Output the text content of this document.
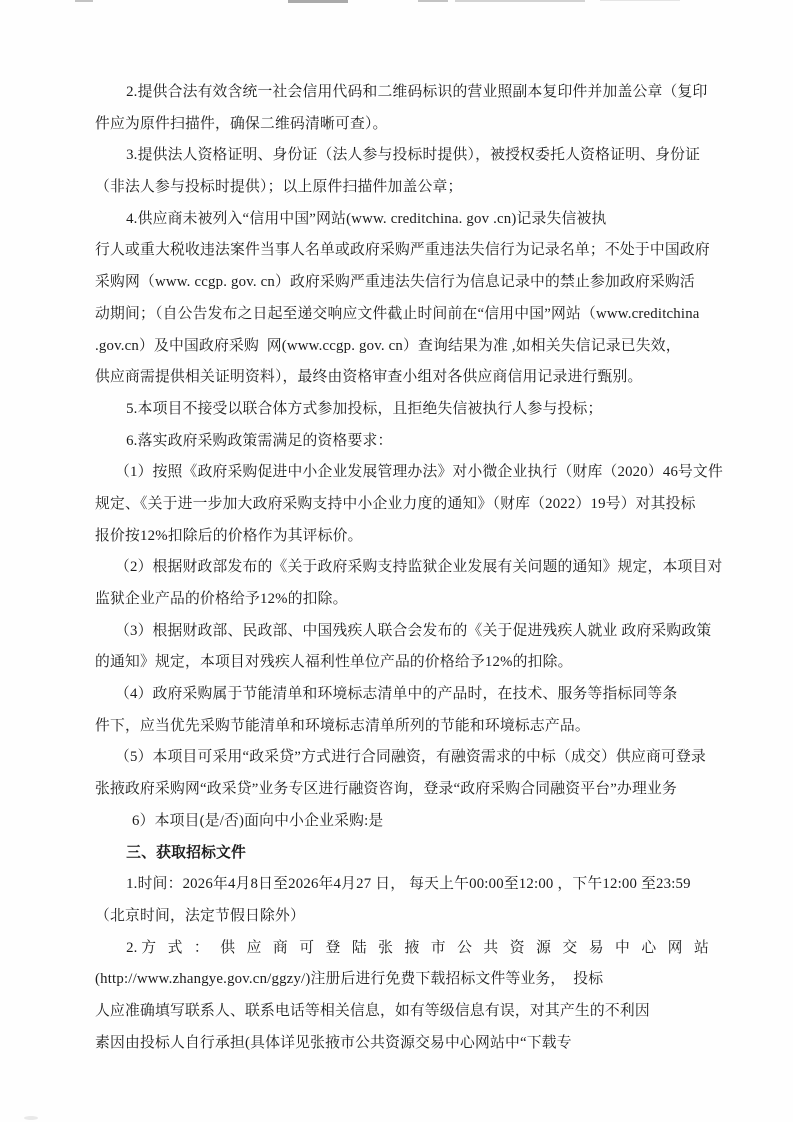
2.提供合法有效含统一社会信用代码和二维码标识的营业照副本复印件并加盖公章（复印
件应为原件扫描件，确保二维码清晰可查）。
3.提供法人资格证明、身份证（法人参与投标时提供），被授权委托人资格证明、身份证
（非法人参与投标时提供）；以上原件扫描件加盖公章；
4.供应商未被列入“信用中国”网站(www. creditchina. gov .cn)记录失信被执
行人或重大税收违法案件当事人名单或政府采购严重违法失信行为记录名单；不处于中国政府
采购网（www. ccgp. gov. cn）政府采购严重违法失信行为信息记录中的禁止参加政府采购活
动期间；（自公告发布之日起至递交响应文件截止时间前在“信用中国”网站（www.creditchina
.gov.cn）及中国政府采购  网(www.ccgp. gov. cn）查询结果为准 ,如相关失信记录已失效，
供应商需提供相关证明资料），最终由资格审查小组对各供应商信用记录进行甄别。
5.本项目不接受以联合体方式参加投标，且拒绝失信被执行人参与投标；
6.落实政府采购政策需满足的资格要求：
（1）按照《政府采购促进中小企业发展管理办法》对小微企业执行（财库（2020）46号文件
规定、《关于进一步加大政府采购支持中小企业力度的通知》（财库（2022）19号）对其投标
报价按12%扣除后的价格作为其评标价。
（2）根据财政部发布的《关于政府采购支持监狱企业发展有关问题的通知》规定，本项目对
监狱企业产品的价格给予12%的扣除。
（3）根据财政部、民政部、中国残疾人联合会发布的《关于促进残疾人就业 政府采购政策
的通知》规定，本项目对残疾人福利性单位产品的价格给予12%的扣除。
（4）政府采购属于节能清单和环境标志清单中的产品时，在技术、服务等指标同等条
件下，应当优先采购节能清单和环境标志清单所列的节能和环境标志产品。
（5）本项目可采用“政采贷”方式进行合同融资，有融资需求的中标（成交）供应商可登录
张掖政府采购网“政采贷”业务专区进行融资咨询，登录“政府采购合同融资平台”办理业务
6）本项目(是/否)面向中小企业采购:是
三、获取招标文件
1.时间：2026年4月8日至2026年4月27 日， 每天上午00:00至12:00 ，下午12:00 至23:59
（北京时间，法定节假日除外）
2.方 式 ： 供 应 商 可 登 陆 张 掖 市 公 共 资 源 交 易 中 心 网 站
(http://www.zhangye.gov.cn/ggzy/)注册后进行免费下载招标文件等业务，  投标
人应准确填写联系人、联系电话等相关信息，如有等级信息有误，对其产生的不利因
素因由投标人自行承担(具体详见张掖市公共资源交易中心网站中“下载专
